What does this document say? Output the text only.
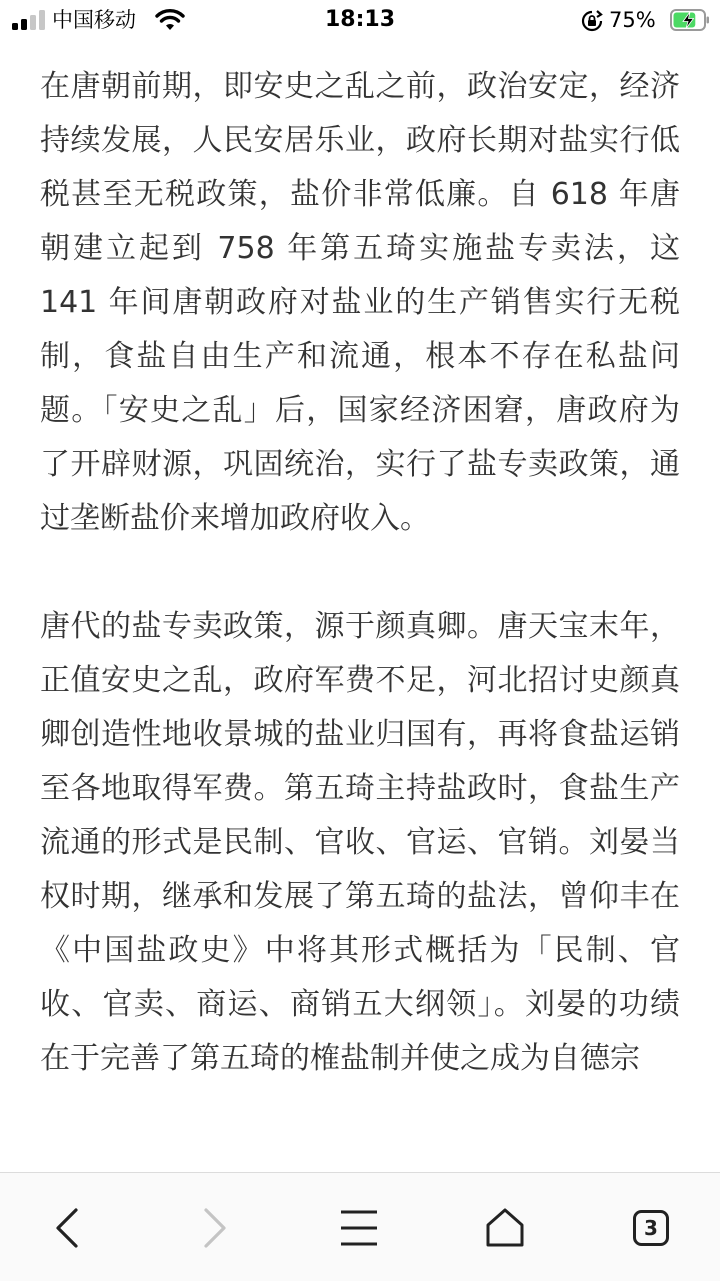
中国移动	18:13	75%

在唐朝前期，即安史之乱之前，政治安定，经济持续发展，人民安居乐业，政府长期对盐实行低税甚至无税政策，盐价非常低廉。自 618 年唐朝建立起到 758 年第五琦实施盐专卖法，这 141 年间唐朝政府对盐业的生产销售实行无税制，食盐自由生产和流通，根本不存在私盐问题。「安史之乱」后，国家经济困窘，唐政府为了开辟财源，巩固统治，实行了盐专卖政策，通过垄断盐价来增加政府收入。

唐代的盐专卖政策，源于颜真卿。唐天宝末年，正值安史之乱，政府军费不足，河北招讨史颜真卿创造性地收景城的盐业归国有，再将食盐运销至各地取得军费。第五琦主持盐政时，食盐生产流通的形式是民制、官收、官运、官销。刘晏当权时期，继承和发展了第五琦的盐法，曾仰丰在《中国盐政史》中将其形式概括为「民制、官收、官卖、商运、商销五大纲领」。刘晏的功绩在于完善了第五琦的榷盐制并使之成为自德宗

3
